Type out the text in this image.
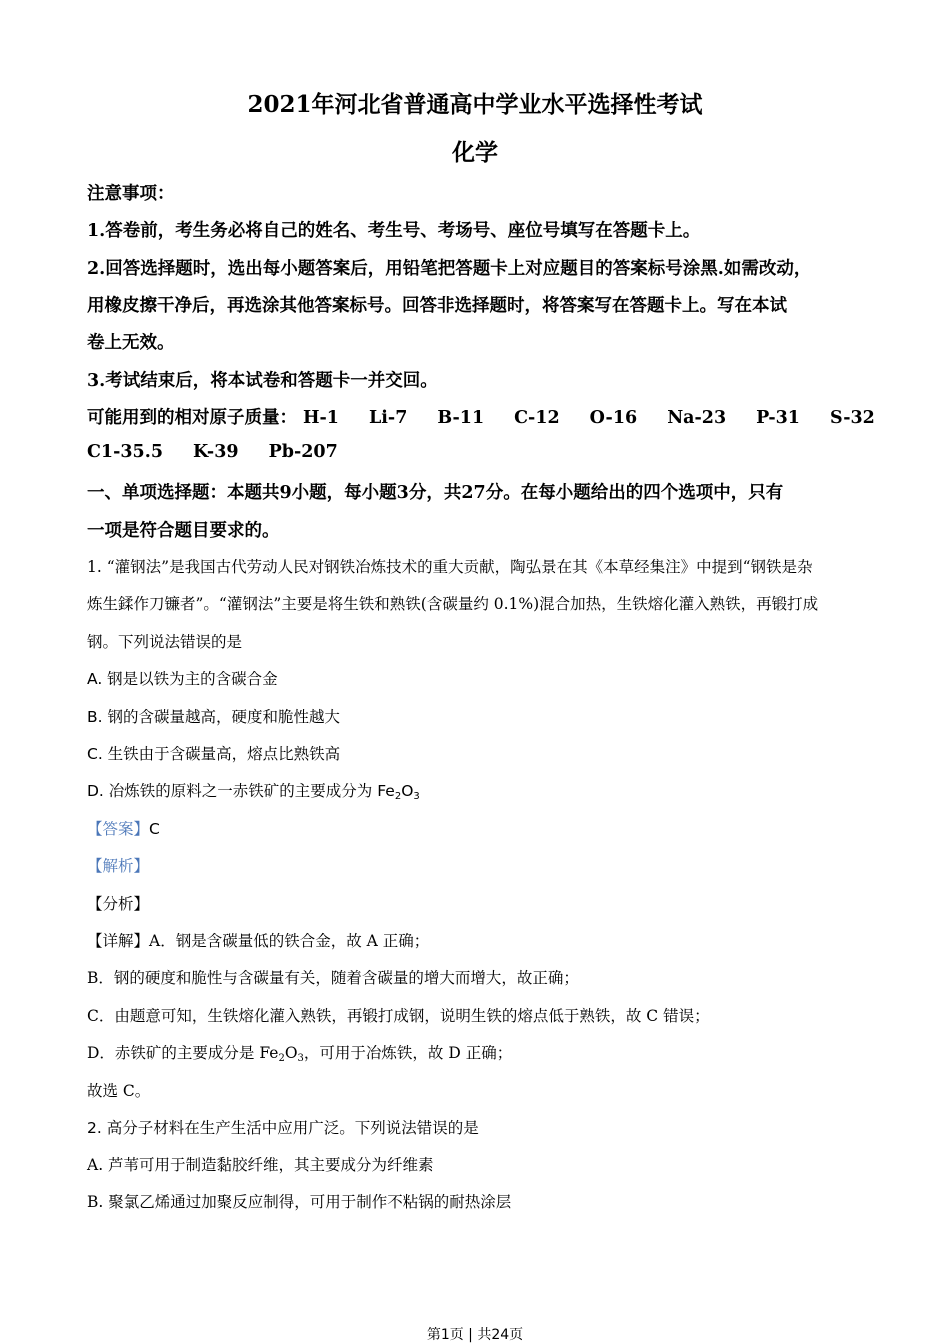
2021年河北省普通高中学业水平选择性考试
化学
注意事项：
1.答卷前，考生务必将自己的姓名、考生号、考场号、座位号填写在答题卡上。
2.回答选择题时，选出每小题答案后，用铅笔把答题卡上对应题目的答案标号涂黑.如需改动，
用橡皮擦干净后，再选涂其他答案标号。回答非选择题时，将答案写在答题卡上。写在本试
卷上无效。
3.考试结束后，将本试卷和答题卡一并交回。
可能用到的相对原子质量： H-1 Li-7 B-11 C-12 O-16 Na-23 P-31 S-32
C1-35.5 K-39 Pb-207
一、单项选择题：本题共9小题，每小题3分，共27分。在每小题给出的四个选项中，只有
一项是符合题目要求的。
1. “灌钢法”是我国古代劳动人民对钢铁冶炼技术的重大贡献，陶弘景在其《本草经集注》中提到“钢铁是杂
炼生鍒作刀镰者”。“灌钢法”主要是将生铁和熟铁(含碳量约 0.1%)混合加热，生铁熔化灌入熟铁，再锻打成
钢。下列说法错误的是
A. 钢是以铁为主的含碳合金
B. 钢的含碳量越高，硬度和脆性越大
C. 生铁由于含碳量高，熔点比熟铁高
D. 冶炼铁的原料之一赤铁矿的主要成分为 $Fe_2O_3$
【答案】C
【解析】
【分析】
【详解】A．钢是含碳量低的铁合金，故 A 正确；
B．钢的硬度和脆性与含碳量有关，随着含碳量的增大而增大，故正确；
C．由题意可知，生铁熔化灌入熟铁，再锻打成钢，说明生铁的熔点低于熟铁，故 C 错误；
D．赤铁矿的主要成分是 $Fe_2O_3$，可用于冶炼铁，故 D 正确；
故选 C。
2. 高分子材料在生产生活中应用广泛。下列说法错误的是
A. 芦苇可用于制造黏胶纤维，其主要成分为纤维素
B. 聚氯乙烯通过加聚反应制得，可用于制作不粘锅的耐热涂层
第1页 | 共24页
